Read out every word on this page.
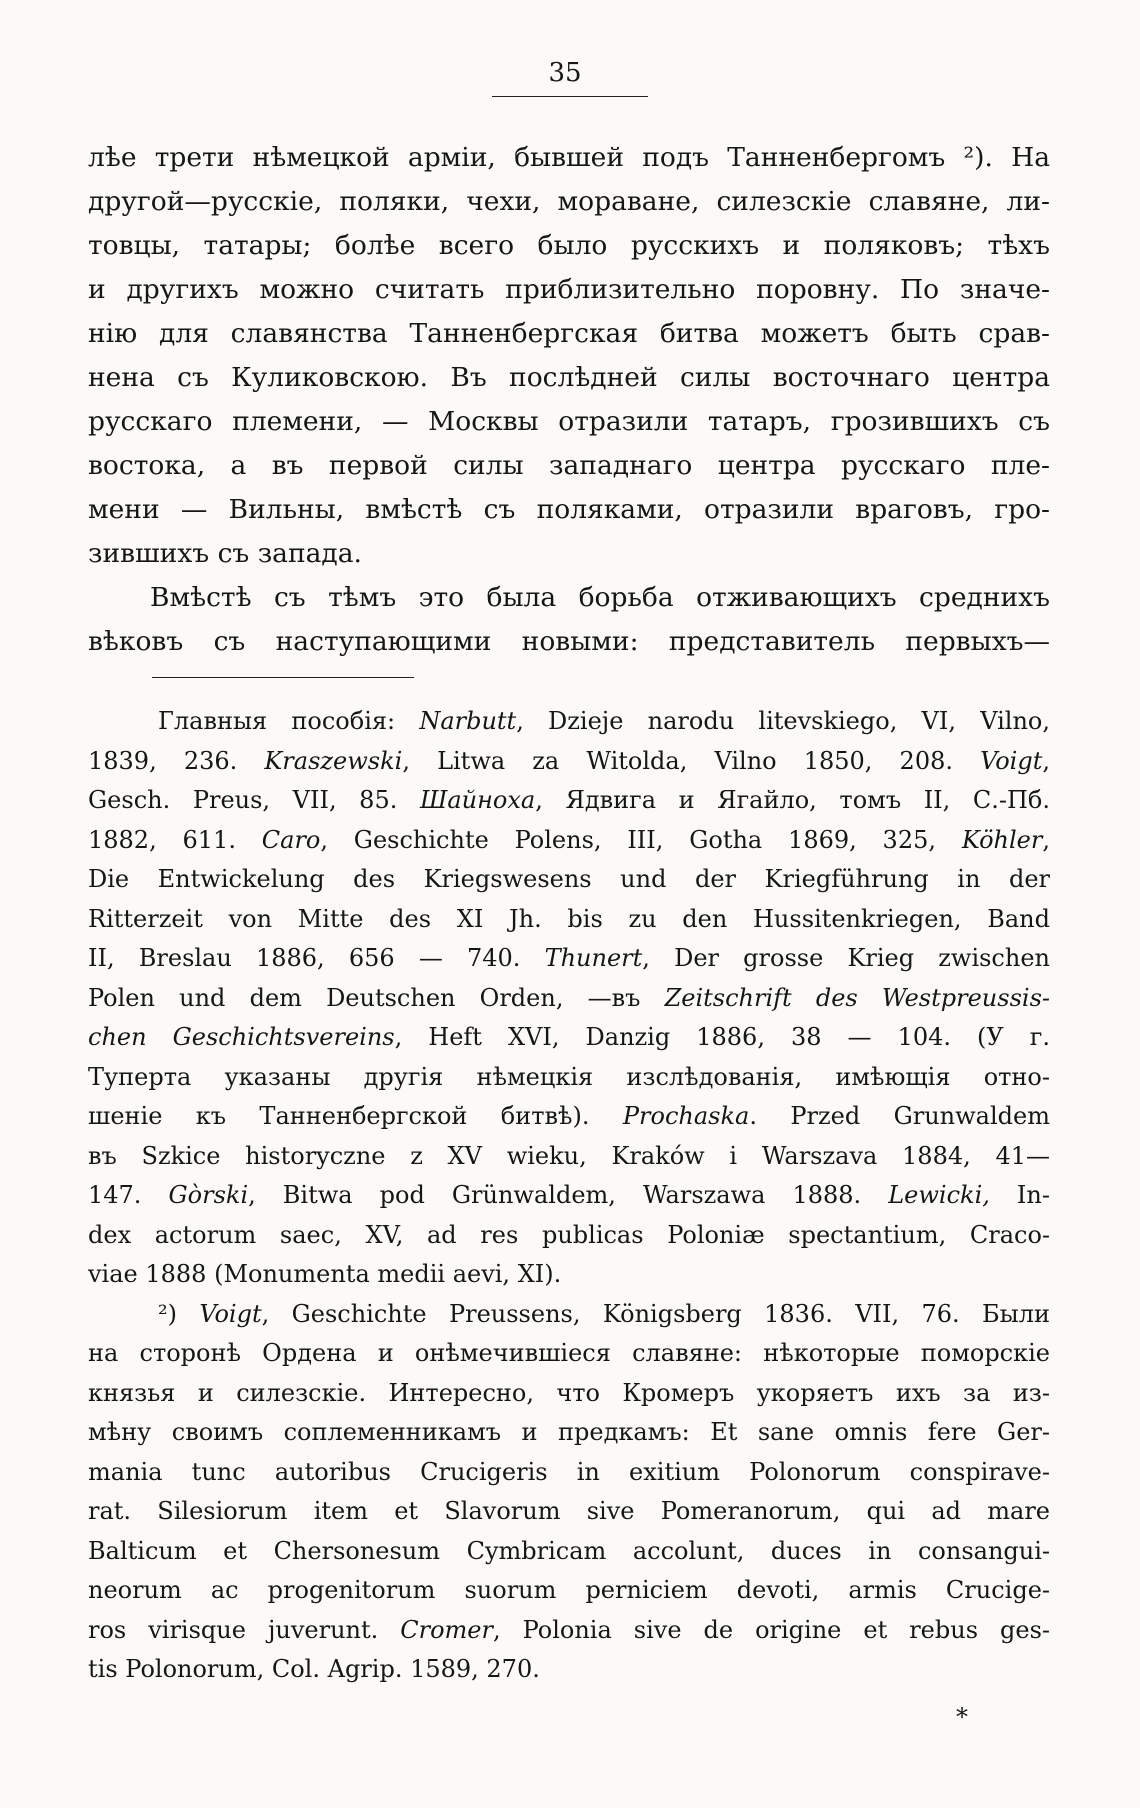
35
лѣе трети нѣмецкой арміи, бывшей подъ Танненбергомъ ²). На
другой—русскіе, поляки, чехи, мораване, силезскіе славяне, ли-
товцы, татары; болѣе всего было русскихъ и поляковъ; тѣхъ
и другихъ можно считать приблизительно поровну. По значе-
нію для славянства Танненбергская битва можетъ быть срав-
нена съ Куликовскою. Въ послѣдней силы восточнаго центра
русскаго племени, — Москвы отразили татаръ, грозившихъ съ
востока, а въ первой силы западнаго центра русскаго пле-
мени — Вильны, вмѣстѣ съ поляками, отразили враговъ, гро-
зившихъ съ запада.
Вмѣстѣ съ тѣмъ это была борьба отживающихъ среднихъ
вѣковъ съ наступающими новыми: представитель первыхъ—
Главныя пособія: Narbutt, Dzieje narodu litevskiego, VI, Vilno,
1839, 236. Kraszewski, Litwa za Witolda, Vilno 1850, 208. Voigt,
Gesch. Preus, VII, 85. Шайноха, Ядвига и Ягайло, томъ II, С.-Пб.
1882, 611. Caro, Geschichte Polens, III, Gotha 1869, 325, Köhler,
Die Entwickelung des Kriegswesens und der Kriegführung in der
Ritterzeit von Mitte des XI Jh. bis zu den Hussitenkriegen, Band
II, Breslau 1886, 656 — 740. Thunert, Der grosse Krieg zwischen
Polen und dem Deutschen Orden, —въ Zeitschrift des Westpreussis-
chen Geschichtsvereins, Heft XVI, Danzig 1886, 38 — 104. (У г.
Туперта указаны другія нѣмецкія изслѣдованія, имѣющія отно-
шеніе къ Танненбергской битвѣ). Prochaska. Przed Grunwaldem
въ Szkice historyczne z XV wieku, Kraków i Warszava 1884, 41—
147. Gòrski, Bitwa pod Grünwaldem, Warszawa 1888. Lewicki, In-
dex actorum saec, XV, ad res publicas Poloniæ spectantium, Craco-
viae 1888 (Monumenta medii aevi, XI).
²) Voigt, Geschichte Preussens, Königsberg 1836. VII, 76. Были
на сторонѣ Ордена и онѣмечившіеся славяне: нѣкоторые поморскіе
князья и силезскіе. Интересно, что Кромеръ укоряетъ ихъ за из-
мѣну своимъ соплеменникамъ и предкамъ: Et sane omnis fere Ger-
mania tunc autoribus Crucigeris in exitium Polonorum conspirave-
rat. Silesiorum item et Slavorum sive Pomeranorum, qui ad mare
Balticum et Chersonesum Cymbricam accolunt, duces in consangui-
neorum ac progenitorum suorum perniciem devoti, armis Crucige-
ros virisque juverunt. Cromer, Polonia sive de origine et rebus ges-
tis Polonorum, Col. Agrip. 1589, 270.
*
